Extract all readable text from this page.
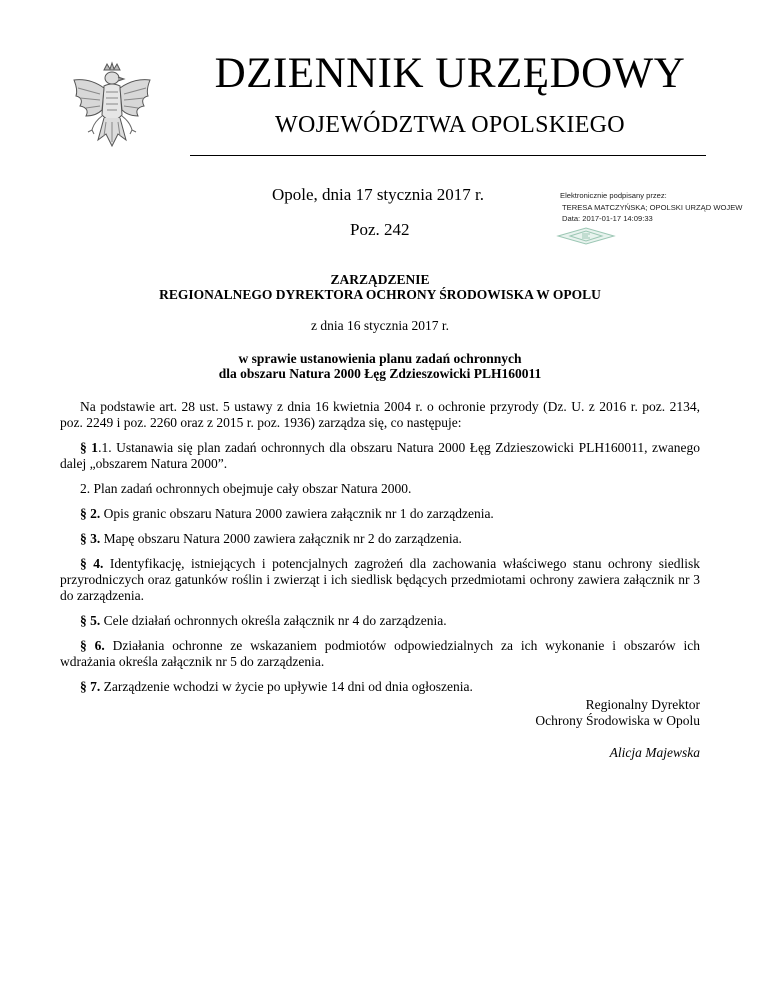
DZIENNIK URZĘDOWY
WOJEWÓDZTWA OPOLSKIEGO
Opole, dnia 17 stycznia 2017 r.
Poz. 242
Elektronicznie podpisany przez:
TERESA MATCZYŃSKA; OPOLSKI URZĄD WOJEW
Data: 2017-01-17 14:09:33
ZARZĄDZENIE
REGIONALNEGO DYREKTORA OCHRONY ŚRODOWISKA W OPOLU
z dnia 16 stycznia 2017 r.
w sprawie ustanowienia planu zadań ochronnych
dla obszaru Natura 2000 Łęg Zdzieszowicki PLH160011

Na podstawie art. 28 ust. 5 ustawy z dnia 16 kwietnia 2004 r. o ochronie przyrody (Dz. U. z 2016 r. poz. 2134, poz. 2249 i poz. 2260 oraz z 2015 r. poz. 1936) zarządza się, co następuje:

§ 1.1. Ustanawia się plan zadań ochronnych dla obszaru Natura 2000 Łęg Zdzieszowicki PLH160011, zwanego dalej „obszarem Natura 2000”.

2. Plan zadań ochronnych obejmuje cały obszar Natura 2000.

§ 2. Opis granic obszaru Natura 2000 zawiera załącznik nr 1 do zarządzenia.

§ 3. Mapę obszaru Natura 2000 zawiera załącznik nr 2 do zarządzenia.

§ 4. Identyfikację, istniejących i potencjalnych zagrożeń dla zachowania właściwego stanu ochrony siedlisk przyrodniczych oraz gatunków roślin i zwierząt i ich siedlisk będących przedmiotami ochrony zawiera załącznik nr 3 do zarządzenia.

§ 5. Cele działań ochronnych określa załącznik nr 4 do zarządzenia.

§ 6. Działania ochronne ze wskazaniem podmiotów odpowiedzialnych za ich wykonanie i obszarów ich wdrażania określa załącznik nr 5 do zarządzenia.

§ 7. Zarządzenie wchodzi w życie po upływie 14 dni od dnia ogłoszenia.

Regionalny Dyrektor
Ochrony Środowiska w Opolu
Alicja Majewska
